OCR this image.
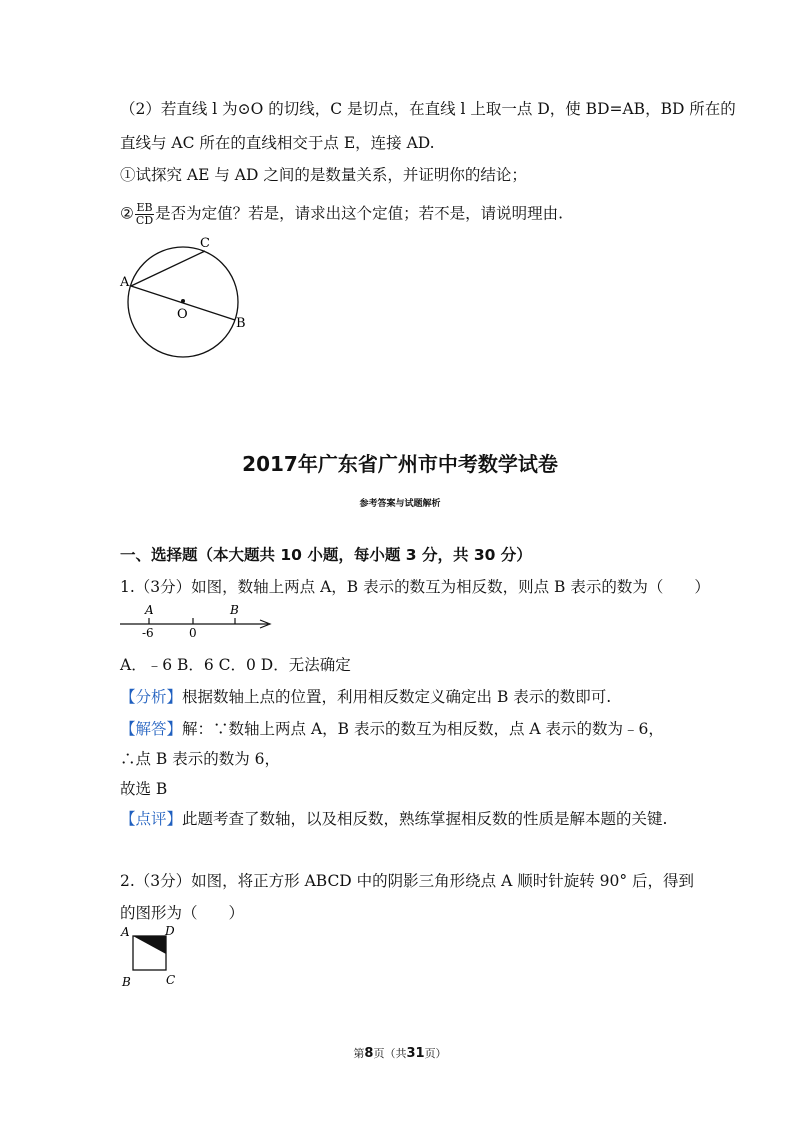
（2）若直线 l 为⊙O 的切线，C 是切点，在直线 l 上取一点 D，使 BD=AB，BD 所在的
直线与 AC 所在的直线相交于点 E，连接 AD.
①试探究 AE 与 AD 之间的是数量关系，并证明你的结论；
② $\frac{EB}{CD}$ 是否为定值？若是，请求出这个定值；若不是，请说明理由.
A
C
O
B
2017年广东省广州市中考数学试卷
参考答案与试题解析
一、选择题（本大题共 10 小题，每小题 3 分，共 30 分）
1.（3分）如图，数轴上两点 A，B 表示的数互为相反数，则点 B 表示的数为（　　）
A	B
-6	0
A．﹣6 B．6 C．0 D．无法确定
【分析】根据数轴上点的位置，利用相反数定义确定出 B 表示的数即可.
【解答】解：∵数轴上两点 A，B 表示的数互为相反数，点 A 表示的数为﹣6，
∴点 B 表示的数为 6，
故选 B
【点评】此题考查了数轴，以及相反数，熟练掌握相反数的性质是解本题的关键.
2.（3分）如图，将正方形 ABCD 中的阴影三角形绕点 A 顺时针旋转 90° 后，得到
的图形为（　　）
A	D
B	C
第8页（共31页）
